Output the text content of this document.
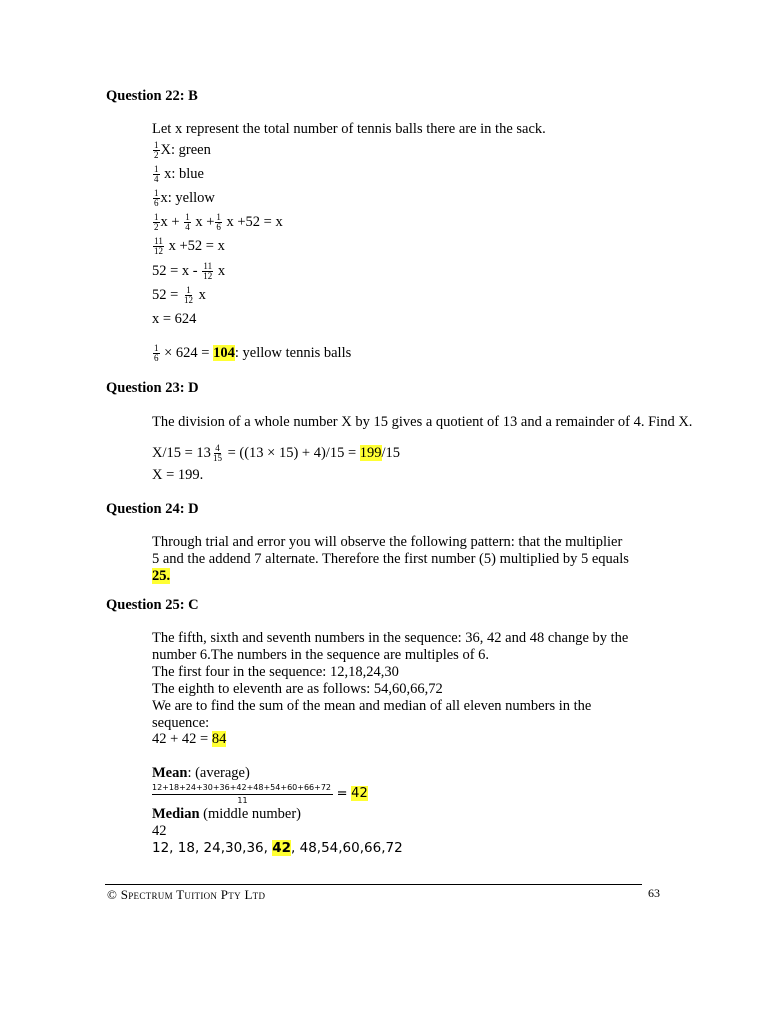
Question 22: B
Let x represent the total number of tennis balls there are in the sack.
$\frac{1}{2} X$: green
$\frac{1}{4} x$: blue
$\frac{1}{6} x$: yellow
$\frac{1}{2}$ $x + \frac{1}{4}$ $x + \frac{1}{6}$ x +52 = x
$\frac{11}{12}$ x +52 = x
$52 = x - \frac{11}{12}$ x
$52 = \frac{1}{12}$ x
x = 624
$\frac{1}{6} \times 624 = 104$: yellow tennis balls
Question 23: D
The division of a whole number X by 15 gives a quotient of 13 and a remainder of 4. Find X.
$X/15 = 13 \frac{4}{15} = ((13 \times 15) + 4)/15 = 199/15$
X = 199.
Question 24: D
Through trial and error you will observe the following pattern: that the multiplier
5 and the addend 7 alternate. Therefore the first number (5) multiplied by 5 equals
25.
Question 25: C
The fifth, sixth and seventh numbers in the sequence: 36, 42 and 48 change by the
number 6.The numbers in the sequence are multiples of 6.
The first four in the sequence: 12,18,24,30
The eighth to eleventh are as follows: 54,60,66,72
We are to find the sum of the mean and median of all eleven numbers in the
sequence:
42 + 42 = 84
Mean: (average)
$\frac{12+18+24+30+36+42+48+54+60+66+72}{11} = 42$
Median (middle number)
42
12, 18, 24,30,36, 42, 48,54,60,66,72
© Spectrum Tuition Pty Ltd	63
